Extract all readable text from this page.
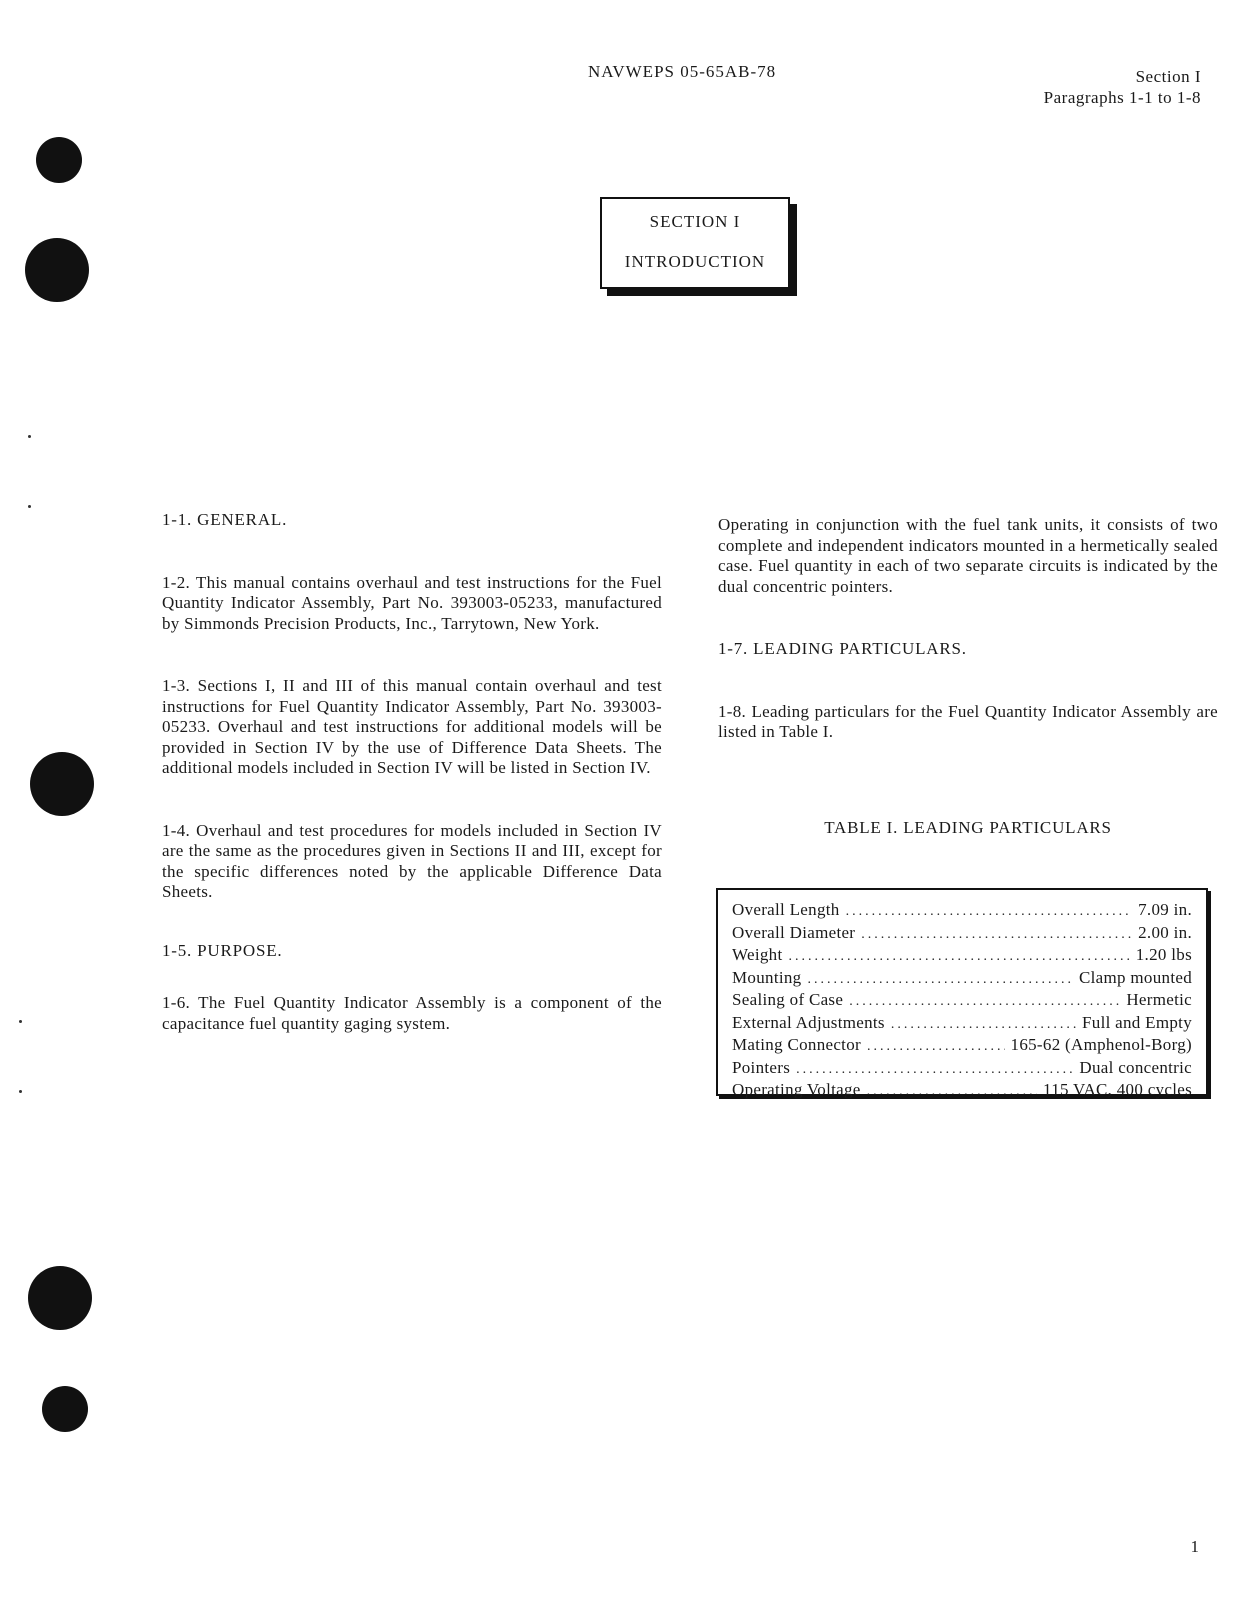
NAVWEPS 05-65AB-78	Section I
Paragraphs 1-1 to 1-8
SECTION I
INTRODUCTION
1-1. GENERAL.
1-2. This manual contains overhaul and test instructions for the Fuel Quantity Indicator Assembly, Part No. 393003-05233, manufactured by Simmonds Precision Products, Inc., Tarrytown, New York.
1-3. Sections I, II and III of this manual contain overhaul and test instructions for Fuel Quantity Indicator Assembly, Part No. 393003-05233. Overhaul and test instructions for additional models will be provided in Section IV by the use of Difference Data Sheets. The additional models included in Section IV will be listed in Section IV.
1-4. Overhaul and test procedures for models included in Section IV are the same as the procedures given in Sections II and III, except for the specific differences noted by the applicable Difference Data Sheets.
1-5. PURPOSE.
1-6. The Fuel Quantity Indicator Assembly is a component of the capacitance fuel quantity gaging system.
Operating in conjunction with the fuel tank units, it consists of two complete and independent indicators mounted in a hermetically sealed case. Fuel quantity in each of two separate circuits is indicated by the dual concentric pointers.
1-7. LEADING PARTICULARS.
1-8. Leading particulars for the Fuel Quantity Indicator Assembly are listed in Table I.
TABLE I. LEADING PARTICULARS
Overall Length .....	7.09 in.
Overall Diameter .....	2.00 in.
Weight .....	1.20 lbs
Mounting .....	Clamp mounted
Sealing of Case .....	Hermetic
External Adjustments .....	Full and Empty
Mating Connector .....	165-62 (Amphenol-Borg)
Pointers .....	Dual concentric
Operating Voltage .....	115 VAC, 400 cycles
1
